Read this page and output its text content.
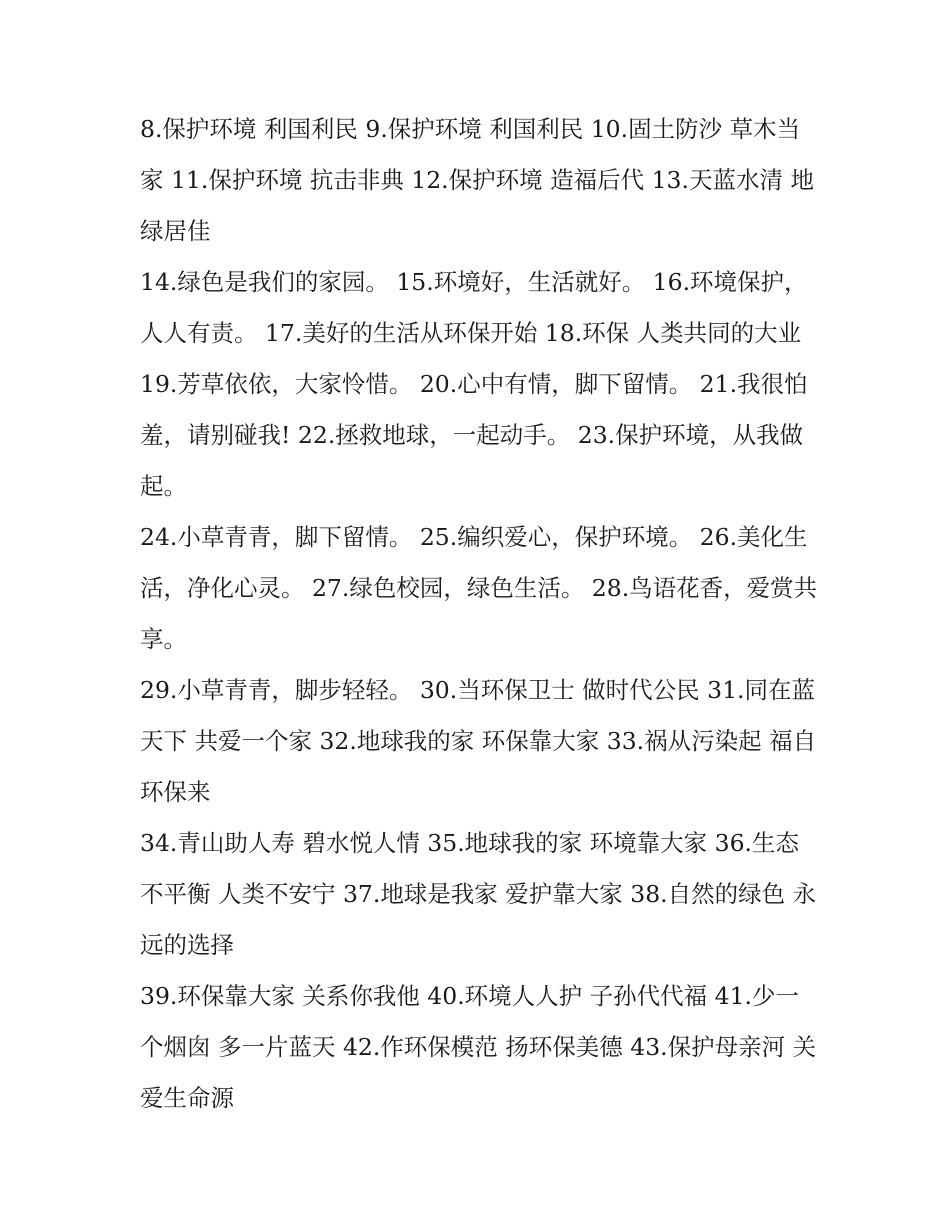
8.保护环境 利国利民 9.保护环境 利国利民 10.固土防沙 草木当家 11.保护环境 抗击非典 12.保护环境 造福后代 13.天蓝水清 地绿居佳

14.绿色是我们的家园。 15.环境好，生活就好。 16.环境保护，人人有责。 17.美好的生活从环保开始 18.环保 人类共同的大业

19.芳草依依，大家怜惜。 20.心中有情，脚下留情。 21.我很怕羞，请别碰我! 22.拯救地球，一起动手。 23.保护环境，从我做起。

24.小草青青，脚下留情。 25.编织爱心，保护环境。 26.美化生活，净化心灵。 27.绿色校园，绿色生活。 28.鸟语花香，爱赏共享。

29.小草青青，脚步轻轻。 30.当环保卫士 做时代公民 31.同在蓝天下 共爱一个家 32.地球我的家 环保靠大家 33.祸从污染起 福自环保来

34.青山助人寿 碧水悦人情 35.地球我的家 环境靠大家 36.生态不平衡 人类不安宁 37.地球是我家 爱护靠大家 38.自然的绿色 永远的选择

39.环保靠大家 关系你我他 40.环境人人护 子孙代代福 41.少一个烟囱 多一片蓝天 42.作环保模范 扬环保美德 43.保护母亲河 关爱生命源
